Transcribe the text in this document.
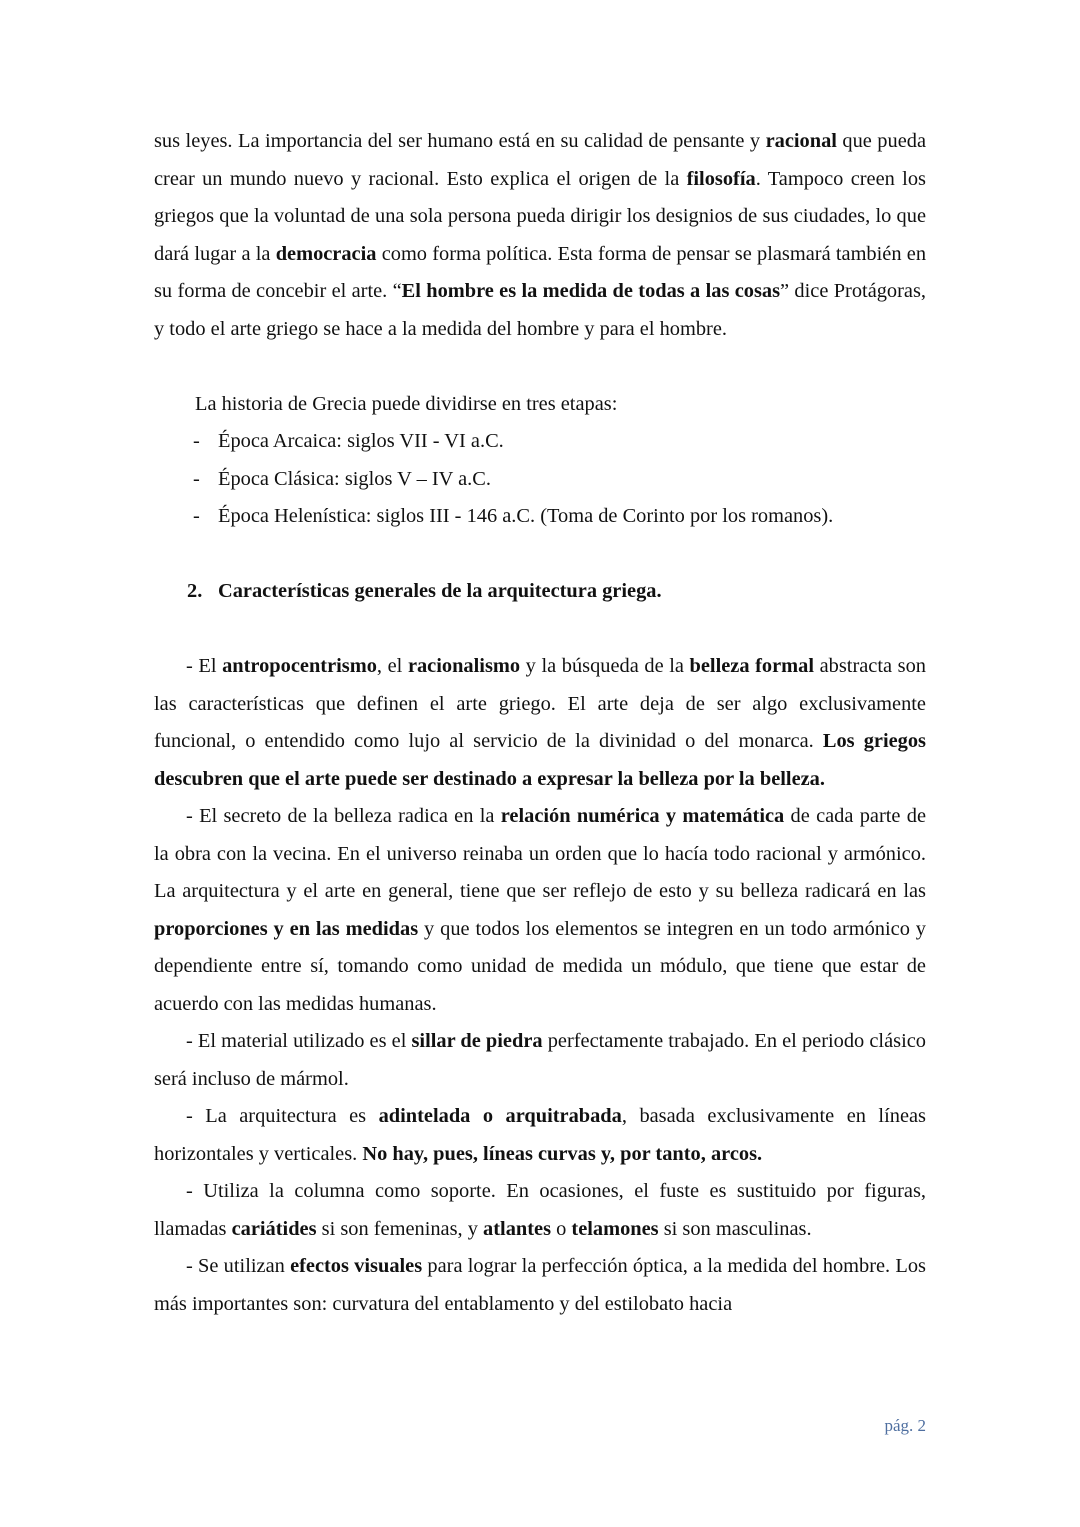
sus leyes. La importancia del ser humano está en su calidad de pensante y racional que pueda crear un mundo nuevo y racional. Esto explica el origen de la filosofía. Tampoco creen los griegos que la voluntad de una sola persona pueda dirigir los designios de sus ciudades, lo que dará lugar a la democracia como forma política. Esta forma de pensar se plasmará también en su forma de concebir el arte. “El hombre es la medida de todas a las cosas” dice Protágoras, y todo el arte griego se hace a la medida del hombre y para el hombre.

La historia de Grecia puede dividirse en tres etapas:
- Época Arcaica: siglos VII - VI a.C.
- Época Clásica: siglos V – IV a.C.
- Época Helenística: siglos III - 146 a.C. (Toma de Corinto por los romanos).
2. Características generales de la arquitectura griega.

- El antropocentrismo, el racionalismo y la búsqueda de la belleza formal abstracta son las características que definen el arte griego. El arte deja de ser algo exclusivamente funcional, o entendido como lujo al servicio de la divinidad o del monarca. Los griegos descubren que el arte puede ser destinado a expresar la belleza por la belleza.

- El secreto de la belleza radica en la relación numérica y matemática de cada parte de la obra con la vecina. En el universo reinaba un orden que lo hacía todo racional y armónico. La arquitectura y el arte en general, tiene que ser reflejo de esto y su belleza radicará en las proporciones y en las medidas y que todos los elementos se integren en un todo armónico y dependiente entre sí, tomando como unidad de medida un módulo, que tiene que estar de acuerdo con las medidas humanas.

- El material utilizado es el sillar de piedra perfectamente trabajado. En el periodo clásico será incluso de mármol.

- La arquitectura es adintelada o arquitrabada, basada exclusivamente en líneas horizontales y verticales. No hay, pues, líneas curvas y, por tanto, arcos.

- Utiliza la columna como soporte. En ocasiones, el fuste es sustituido por figuras, llamadas cariátides si son femeninas, y atlantes o telamones si son masculinas.

- Se utilizan efectos visuales para lograr la perfección óptica, a la medida del hombre. Los más importantes son: curvatura del entablamento y del estilobato hacia

pág. 2
